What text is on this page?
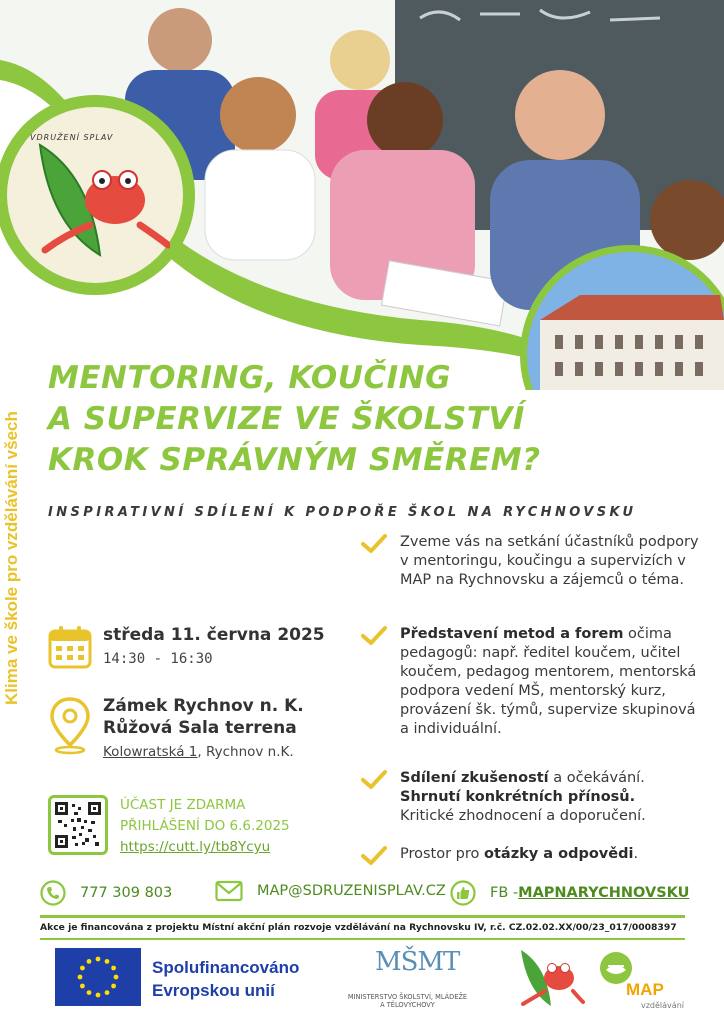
VDRUŽENÍ SPLAV
Klima ve škole pro vzdělávání všech
MENTORING, KOUČING
A SUPERVIZE VE ŠKOLSTVÍ
KROK SPRÁVNÝM SMĚREM?
INSPIRATIVNÍ SDÍLENÍ K PODPOŘE ŠKOL NA RYCHNOVSKU
středa 11. června 2025
14:30 - 16:30
Zámek Rychnov n. K.
Růžová Sala terrena
Kolowratská 1, Rychnov n.K.
ÚČAST JE ZDARMA
PŘIHLÁŠENÍ DO 6.6.2025
https://cutt.ly/tb8Ycyu
Zveme vás na setkání účastníků podpory v mentoringu, koučingu a supervizích v MAP na Rychnovsku a zájemců o téma.
Představení metod a forem očima pedagogů: např. ředitel koučem, učitel koučem, pedagog mentorem, mentorská podpora vedení MŠ, mentorský kurz, provázení šk. týmů, supervize skupinová a individuální.
Sdílení zkušeností a očekávání.
Shrnutí konkrétních přínosů.
Kritické zhodnocení a doporučení.
Prostor pro otázky a odpovědi.
777 309 803	MAP@SDRUZENISPLAV.CZ	FB - MAPNARYCHNOVSKU
Akce je financována z projektu Místní akční plán rozvoje vzdělávání na Rychnovsku IV, r.č. CZ.02.02.XX/00/23_017/0008397
Spolufinancováno
Evropskou unií
MŠMT
MINISTERSTVO ŠKOLSTVÍ, MLÁDEŽE A TĚLOVÝCHOVY
MAP
vzdělávání
